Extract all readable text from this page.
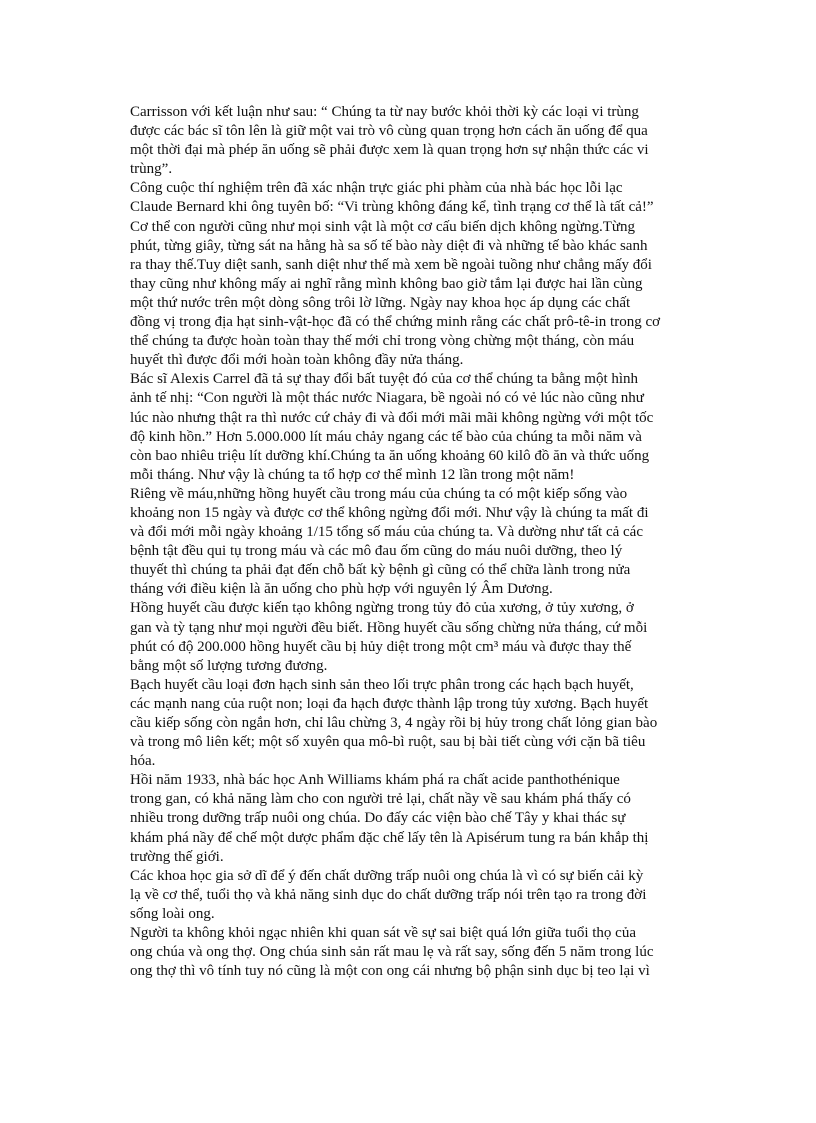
Carrisson với kết luận như sau: “ Chúng ta từ nay bước khỏi thời kỳ các loại vi trùng
được các bác sĩ tôn lên là giữ một vai trò vô cùng quan trọng hơn cách ăn uống để qua
một thời đại mà phép ăn uống sẽ phải được xem là quan trọng hơn sự nhận thức các vi
trùng”.
Công cuộc thí nghiệm trên đã xác nhận trực giác phi phàm của nhà bác học lỗi lạc
Claude Bernard khi ông tuyên bố: “Vi trùng không đáng kể, tình trạng cơ thể là tất cả!”
Cơ thể con người cũng như mọi sinh vật là một cơ cấu biến dịch không ngừng.Từng
phút, từng giây, từng sát na hằng hà sa số tế bào này diệt đi và những tế bào khác sanh
ra thay thế.Tuy diệt sanh, sanh diệt như thế mà xem bề ngoài tuồng như chẳng mấy đổi
thay cũng như không mấy ai nghĩ rằng mình không bao giờ tắm lại được hai lần cùng
một thứ nước trên một dòng sông trôi lờ lững. Ngày nay khoa học áp dụng các chất
đồng vị trong địa hạt sinh-vật-học đã có thể chứng minh rằng các chất prô-tê-in trong cơ
thể chúng ta được hoàn toàn thay thế mới chỉ trong vòng chừng một tháng, còn máu
huyết thì được đổi mới hoàn toàn không đầy nửa tháng.
Bác sĩ Alexis Carrel đã tả sự thay đổi bất tuyệt đó của cơ thể chúng ta bằng một hình
ảnh tế nhị: “Con người là một thác nước Niagara, bề ngoài nó có vẻ lúc nào cũng như
lúc nào nhưng thật ra thì nước cứ chảy đi và đổi mới mãi mãi không ngừng với một tốc
độ kinh hồn.” Hơn 5.000.000 lít máu chảy ngang các tế bào của chúng ta mỗi năm và
còn bao nhiêu triệu lít dưỡng khí.Chúng ta ăn uống khoảng 60 kilô đồ ăn và thức uống
mỗi tháng. Như vậy là chúng ta tổ hợp cơ thể mình 12 lần trong một năm!
Riêng về máu,những hồng huyết cầu trong máu của chúng ta có một kiếp sống vào
khoảng non 15 ngày và được cơ thể không ngừng đổi mới. Như vậy là chúng ta mất đi
và đổi mới mỗi ngày khoảng 1/15 tổng số máu của chúng ta. Và dường như tất cả các
bệnh tật đều qui tụ trong máu và các mô đau ốm cũng do máu nuôi dưỡng, theo lý
thuyết thì chúng ta phải đạt đến chỗ bất kỳ bệnh gì cũng có thể chữa lành trong nửa
tháng với điều kiện là ăn uống cho phù hợp với nguyên lý Âm Dương.
Hồng huyết cầu được kiến tạo không ngừng trong tủy đỏ của xương, ở tủy xương, ở
gan và tỳ tạng như mọi người đều biết. Hồng huyết cầu sống chừng nửa tháng, cứ mỗi
phút có độ 200.000 hồng huyết cầu bị hủy diệt trong một cm³ máu và được thay thế
bằng một số lượng tương đương.
Bạch huyết cầu loại đơn hạch sinh sản theo lối trực phân trong các hạch bạch huyết,
các mạnh nang của ruột non; loại đa hạch được thành lập trong tủy xương. Bạch huyết
cầu kiếp sống còn ngắn hơn, chỉ lâu chừng 3, 4 ngày rồi bị hủy trong chất lỏng gian bào
và trong mô liên kết; một số xuyên qua mô-bì ruột, sau bị bài tiết cùng với cặn bã tiêu
hóa.
Hồi năm 1933, nhà bác học Anh Williams khám phá ra chất acide panthothénique
trong gan, có khả năng làm cho con người trẻ lại, chất nầy về sau khám phá thấy có
nhiều trong dưỡng trấp nuôi ong chúa. Do đấy các viện bào chế Tây y khai thác sự
khám phá nầy để chế một dược phẩm đặc chế lấy tên là Apisérum tung ra bán khắp thị
trường thế giới.
Các khoa học gia sở dĩ để ý đến chất dưỡng trấp nuôi ong chúa là vì có sự biến cải kỳ
lạ về cơ thể, tuổi thọ và khả năng sinh dục do chất dưỡng trấp nói trên tạo ra trong đời
sống loài ong.
Người ta không khỏi ngạc nhiên khi quan sát về sự sai biệt quá lớn giữa tuổi thọ của
ong chúa và ong thợ. Ong chúa sinh sản rất mau lẹ và rất say, sống đến 5 năm trong lúc
ong thợ thì vô tính tuy nó cũng là một con ong cái nhưng bộ phận sinh dục bị teo lại vì
